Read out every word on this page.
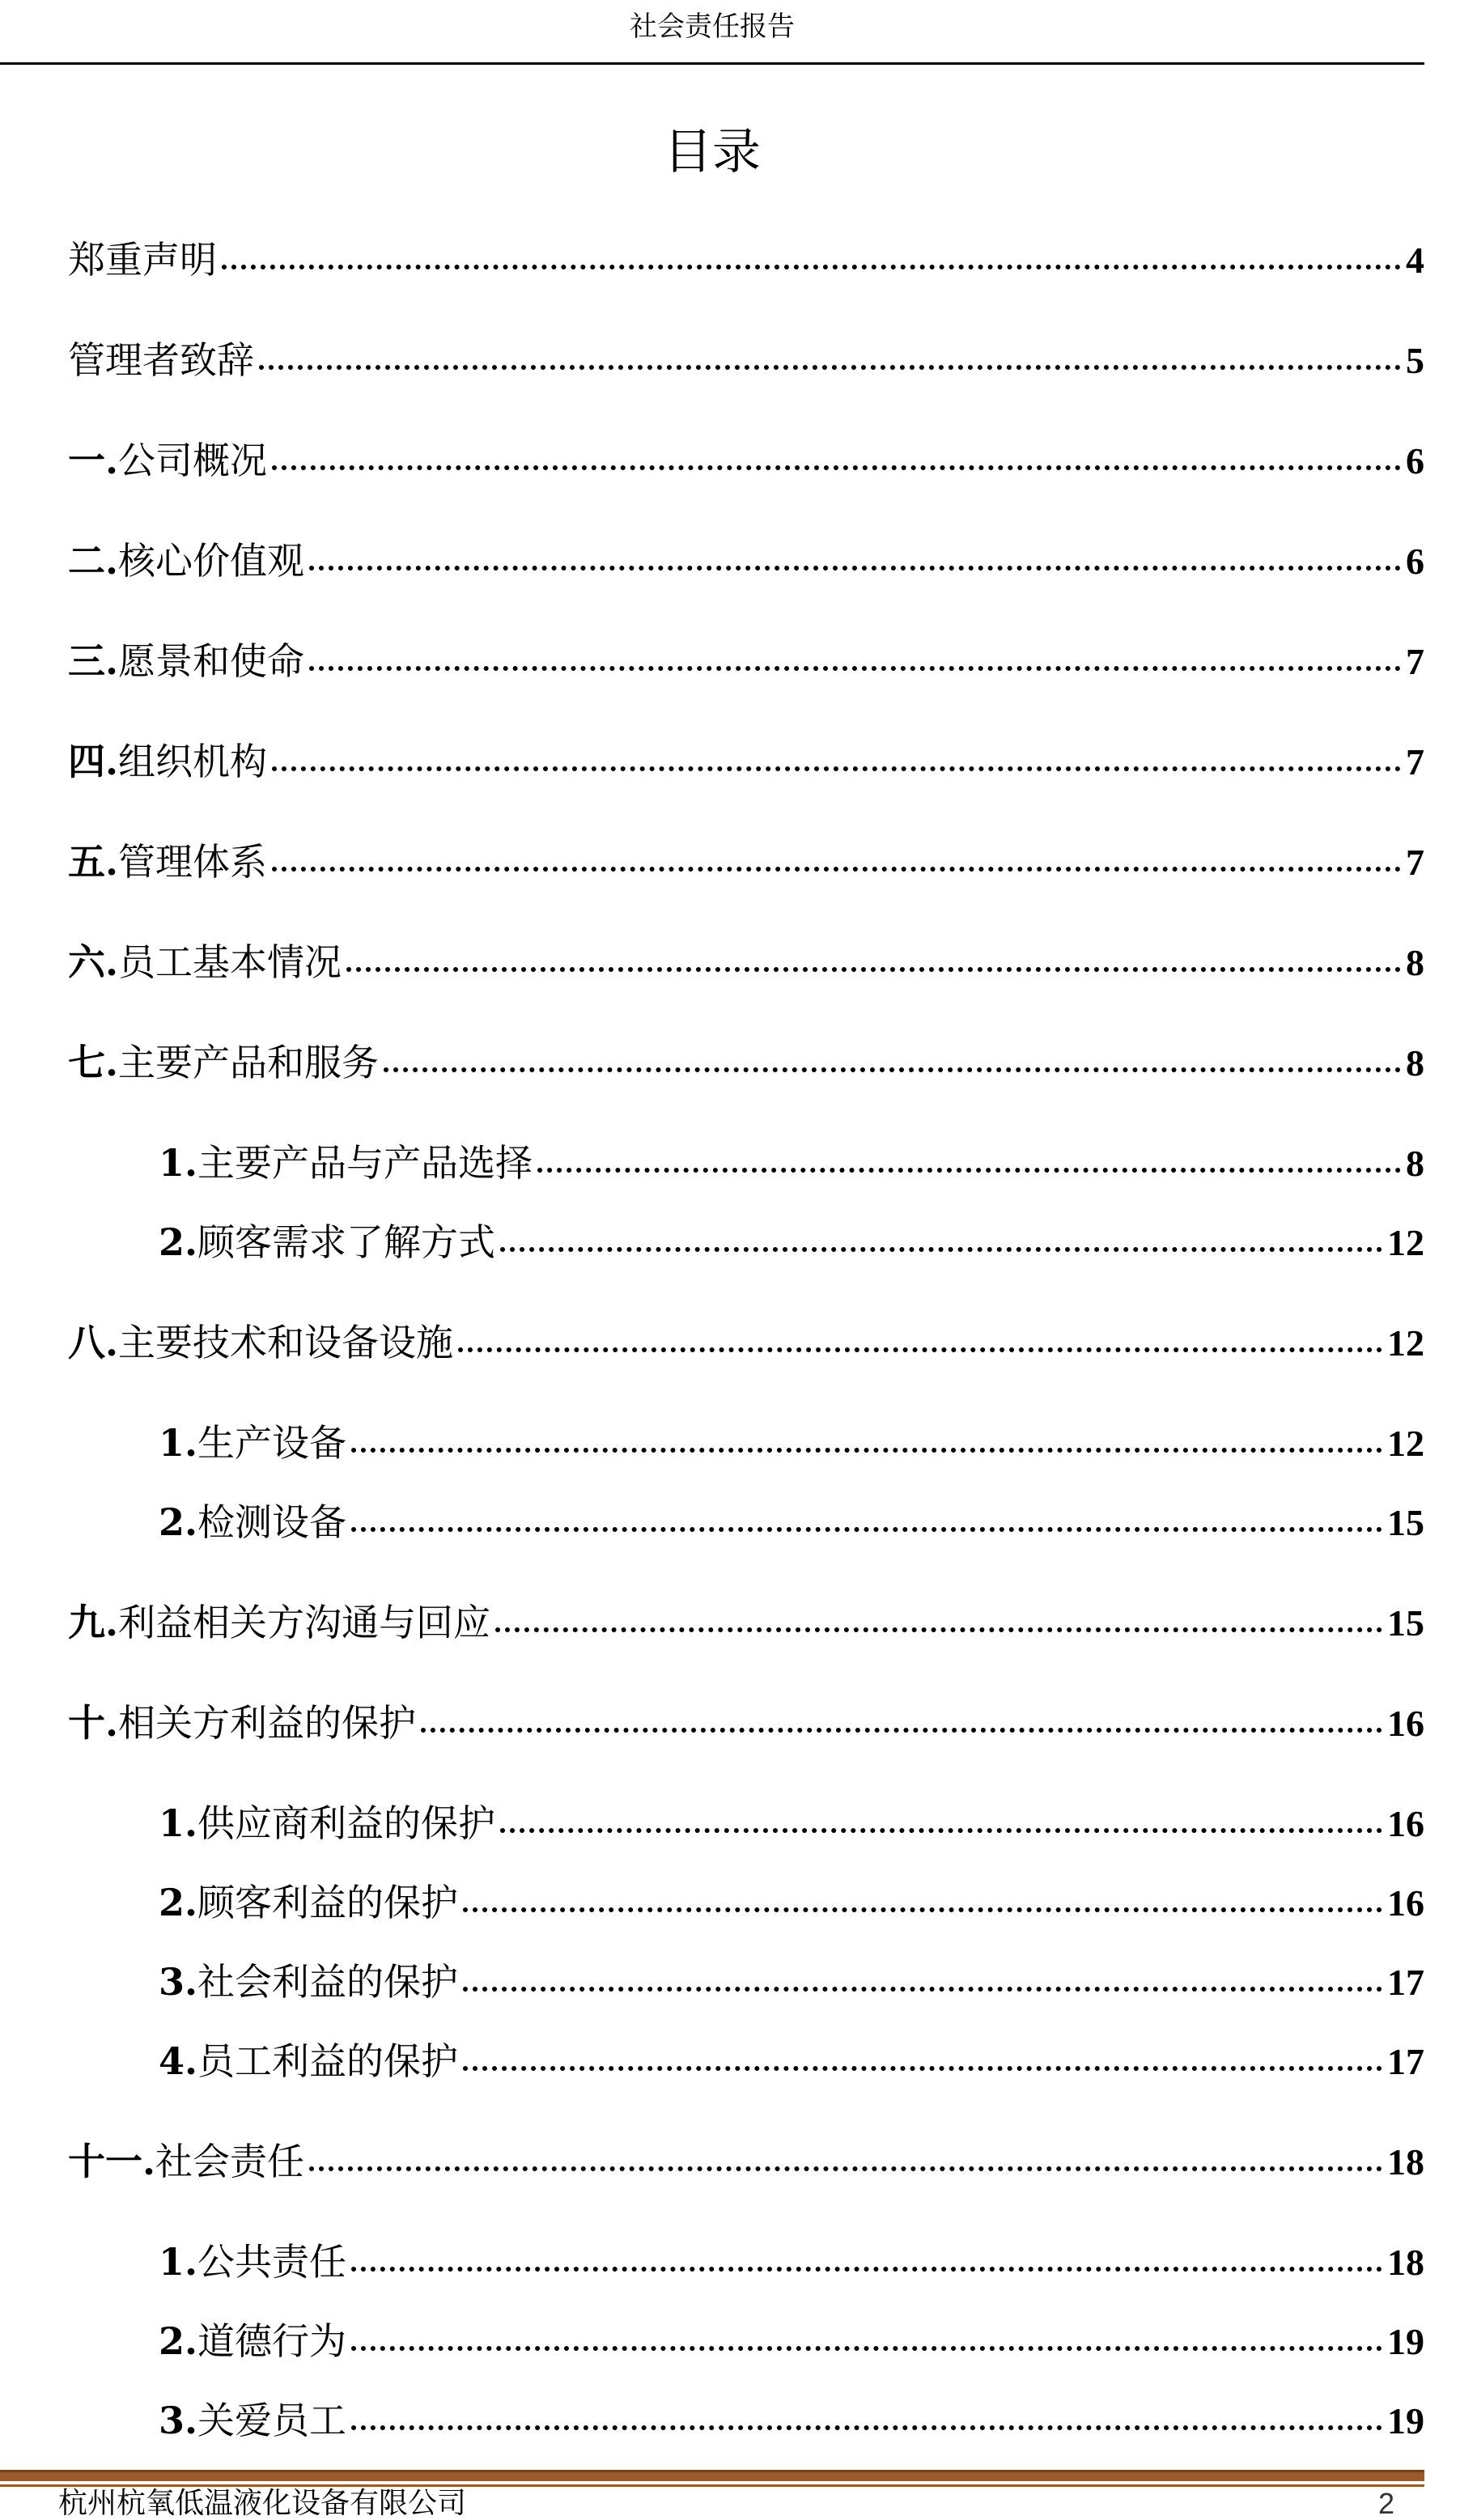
社会责任报告
目录
郑重声明	4
管理者致辞	5
一. 公司概况	6
二. 核心价值观	6
三. 愿景和使命	7
四. 组织机构	7
五. 管理体系	7
六. 员工基本情况	8
七. 主要产品和服务	8
1. 主要产品与产品选择	8
2. 顾客需求了解方式	12
八. 主要技术和设备设施	12
1. 生产设备	12
2. 检测设备	15
九. 利益相关方沟通与回应	15
十. 相关方利益的保护	16
1. 供应商利益的保护	16
2. 顾客利益的保护	16
3. 社会利益的保护	17
4. 员工利益的保护	17
十一. 社会责任	18
1. 公共责任	18
2. 道德行为	19
3. 关爱员工	19
杭州杭氧低温液化设备有限公司	2
